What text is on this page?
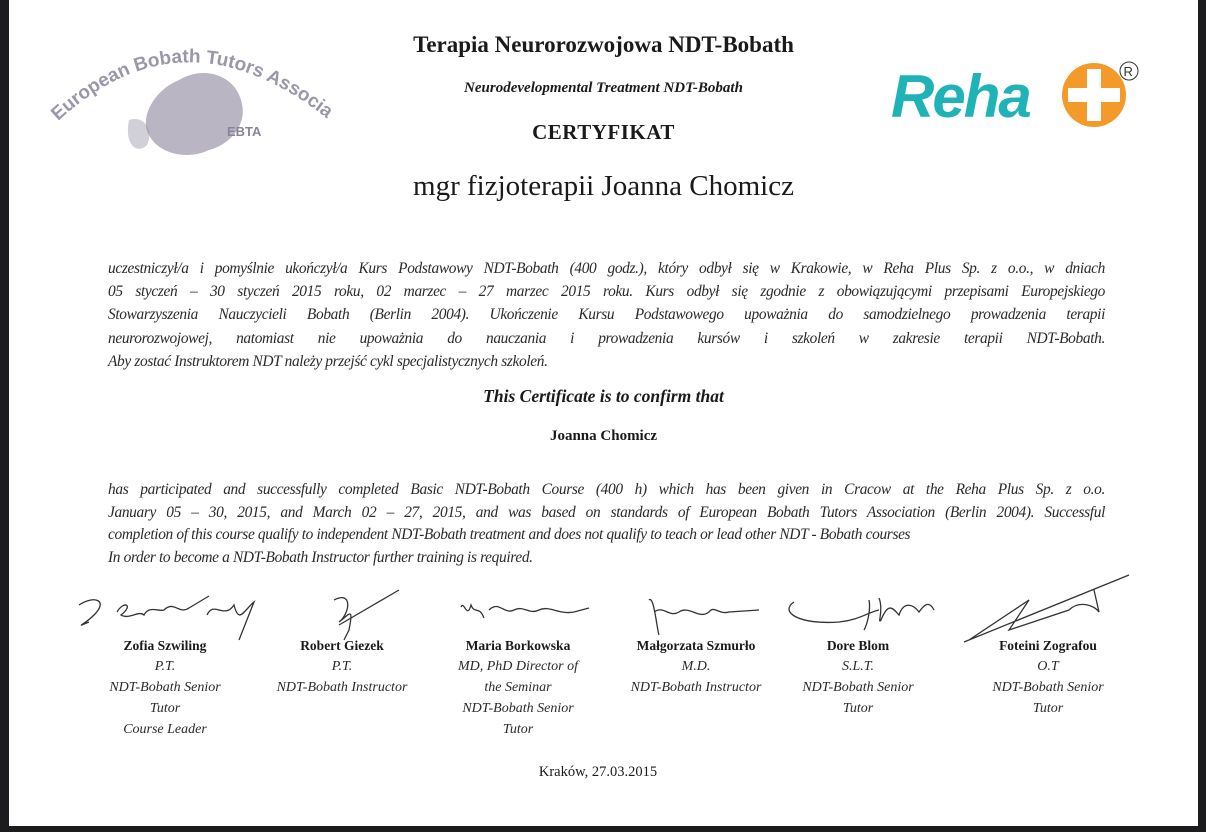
European Bobath Tutors Association
EBTA
Reha	R
Terapia Neurorozwojowa NDT-Bobath
Neurodevelopmental Treatment NDT-Bobath
CERTYFIKAT
mgr fizjoterapii Joanna Chomicz
uczestniczył/a i pomyślnie ukończył/a Kurs Podstawowy NDT-Bobath (400 godz.), który odbył się w Krakowie, w Reha Plus Sp. z o.o., w dniach
05 styczeń – 30 styczeń 2015 roku, 02 marzec – 27 marzec 2015 roku. Kurs odbył się zgodnie z obowiązującymi przepisami Europejskiego
Stowarzyszenia Nauczycieli Bobath (Berlin 2004). Ukończenie Kursu Podstawowego upoważnia do samodzielnego prowadzenia terapii
neurorozwojowej, natomiast nie upoważnia do nauczania i prowadzenia kursów i szkoleń w zakresie terapii NDT-Bobath.
Aby zostać Instruktorem NDT należy przejść cykl specjalistycznych szkoleń.
This Certificate is to confirm that
Joanna Chomicz
has participated and successfully completed Basic NDT-Bobath Course (400 h) which has been given in Cracow at the Reha Plus Sp. z o.o.
January 05 – 30, 2015, and March 02 – 27, 2015, and was based on standards of European Bobath Tutors Association (Berlin 2004). Successful
completion of this course qualify to independent NDT-Bobath treatment and does not qualify to teach or lead other NDT - Bobath courses
In order to become a NDT-Bobath Instructor further training is required.
Zofia Szwiling
P.T.
NDT-Bobath Senior
Tutor
Course Leader
Robert Giezek
P.T.
NDT-Bobath Instructor
Maria Borkowska
MD, PhD Director of
the Seminar
NDT-Bobath Senior
Tutor
Małgorzata Szmurło
M.D.
NDT-Bobath Instructor
Dore Blom
S.L.T.
NDT-Bobath Senior
Tutor
Foteini Zografou
O.T
NDT-Bobath Senior
Tutor
Kraków, 27.03.2015
